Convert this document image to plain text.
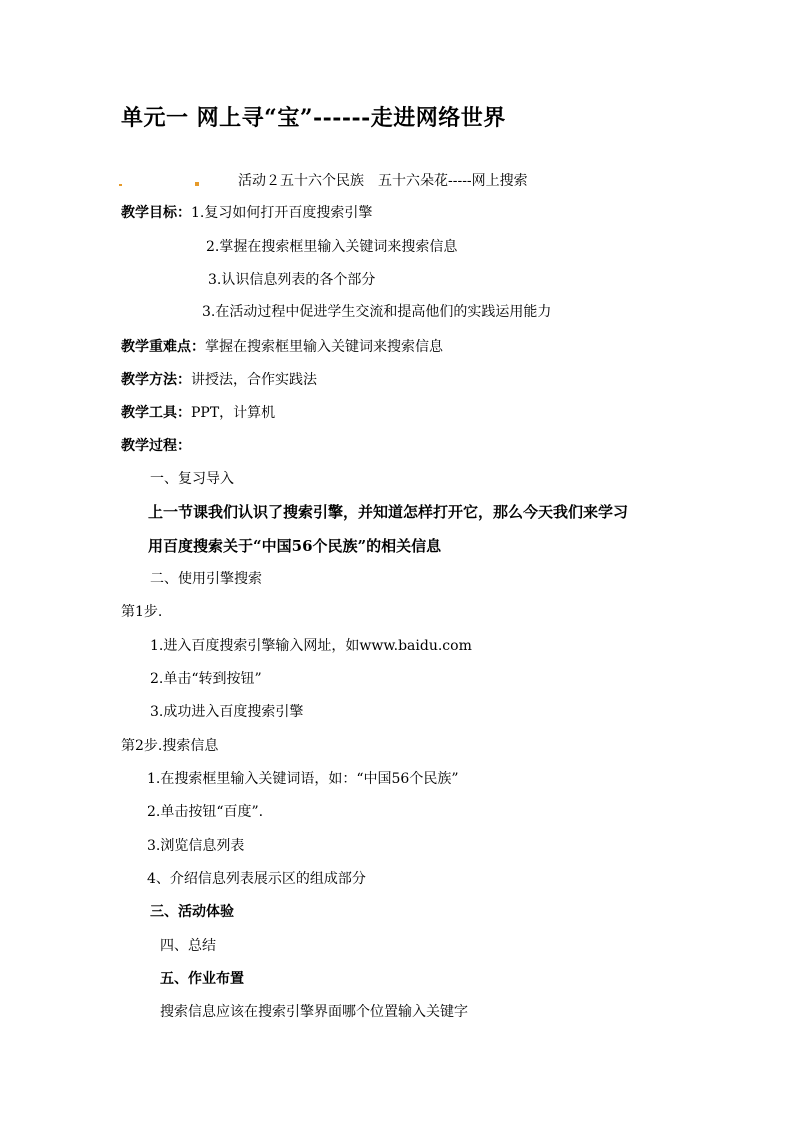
单元一 网上寻“宝”------走进网络世界
活动２五十六个民族　五十六朵花-----网上搜索
教学目标：1.复习如何打开百度搜索引擎
2.掌握在搜索框里输入关键词来搜索信息
3.认识信息列表的各个部分
3.在活动过程中促进学生交流和提高他们的实践运用能力
教学重难点：掌握在搜索框里输入关键词来搜索信息
教学方法：讲授法，合作实践法
教学工具：PPT，计算机
教学过程：
一、复习导入
上一节课我们认识了搜索引擎，并知道怎样打开它，那么今天我们来学习
用百度搜索关于“中国56个民族”的相关信息
二、使用引擎搜索
第1步.
1.进入百度搜索引擎输入网址，如www.baidu.com
2.单击“转到按钮”
3.成功进入百度搜索引擎
第2步.搜索信息
1.在搜索框里输入关键词语，如：“中国56个民族”
2.单击按钮“百度”.
3.浏览信息列表
4、介绍信息列表展示区的组成部分
三、活动体验
四、总结
五、作业布置
搜索信息应该在搜索引擎界面哪个位置输入关键字
